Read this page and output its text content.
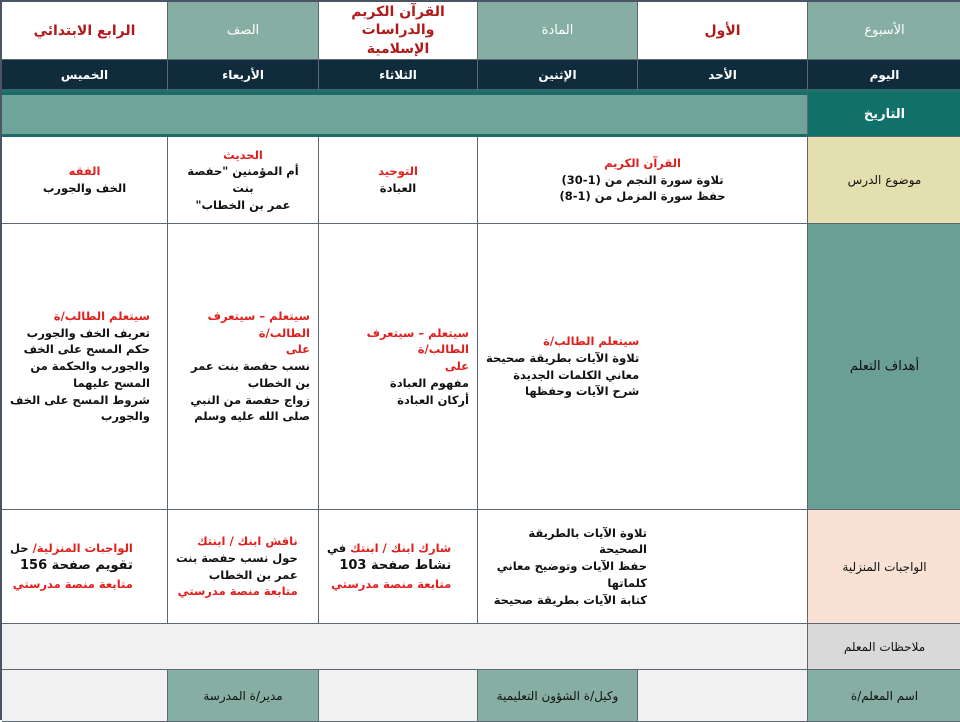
الأسبوع
الأول
المادة
القرآن الكريم والدراسات الإسلامية
الصف
الرابع الابتدائي
اليوم
الأحد
الإثنين
الثلاثاء
الأربعاء
الخميس
التاريخ
موضوع الدرس
القرآن الكريم
تلاوة سورة النجم من (1-30)
حفظ سورة المزمل من (1-8)
التوحيد
العبادة
الحديث
أم المؤمنين "حفصة بنت
عمر بن الخطاب"
الفقه
الخف والجورب
أهداف التعلم
سيتعلم الطالب/ة
تلاوة الآيات بطريقة صحيحة
معاني الكلمات الجديدة
شرح الآيات وحفظها
سيتعلم – سيتعرف الطالب/ة
على
مفهوم العبادة
أركان العبادة
سيتعلم – سيتعرف الطالب/ة
على
نسب حفصة بنت عمر
بن الخطاب
زواج حفصة من النبي
صلى الله عليه وسلم
سيتعلم الطالب/ة
تعريف الخف والجورب
حكم المسح على الخف
والجورب والحكمة من
المسح عليهما
شروط المسح على الخف
والجورب
الواجبات المنزلية
تلاوة الآيات بالطريقة الصحيحة
حفظ الآيات وتوضيح معاني كلماتها
كتابة الآيات بطريقة صحيحة
شارك ابنك / ابنتك في
نشاط صفحة 103
متابعة منصة مدرستي
ناقش ابنك / ابنتك
حول نسب حفصة بنت
عمر بن الخطاب
متابعة منصة مدرستي
الواجبات المنزلية/ حل
تقويم صفحة 156
متابعة منصة مدرستي
ملاحظات المعلم
اسم المعلم/ة
وكيل/ة الشؤون التعليمية
مدير/ة المدرسة
